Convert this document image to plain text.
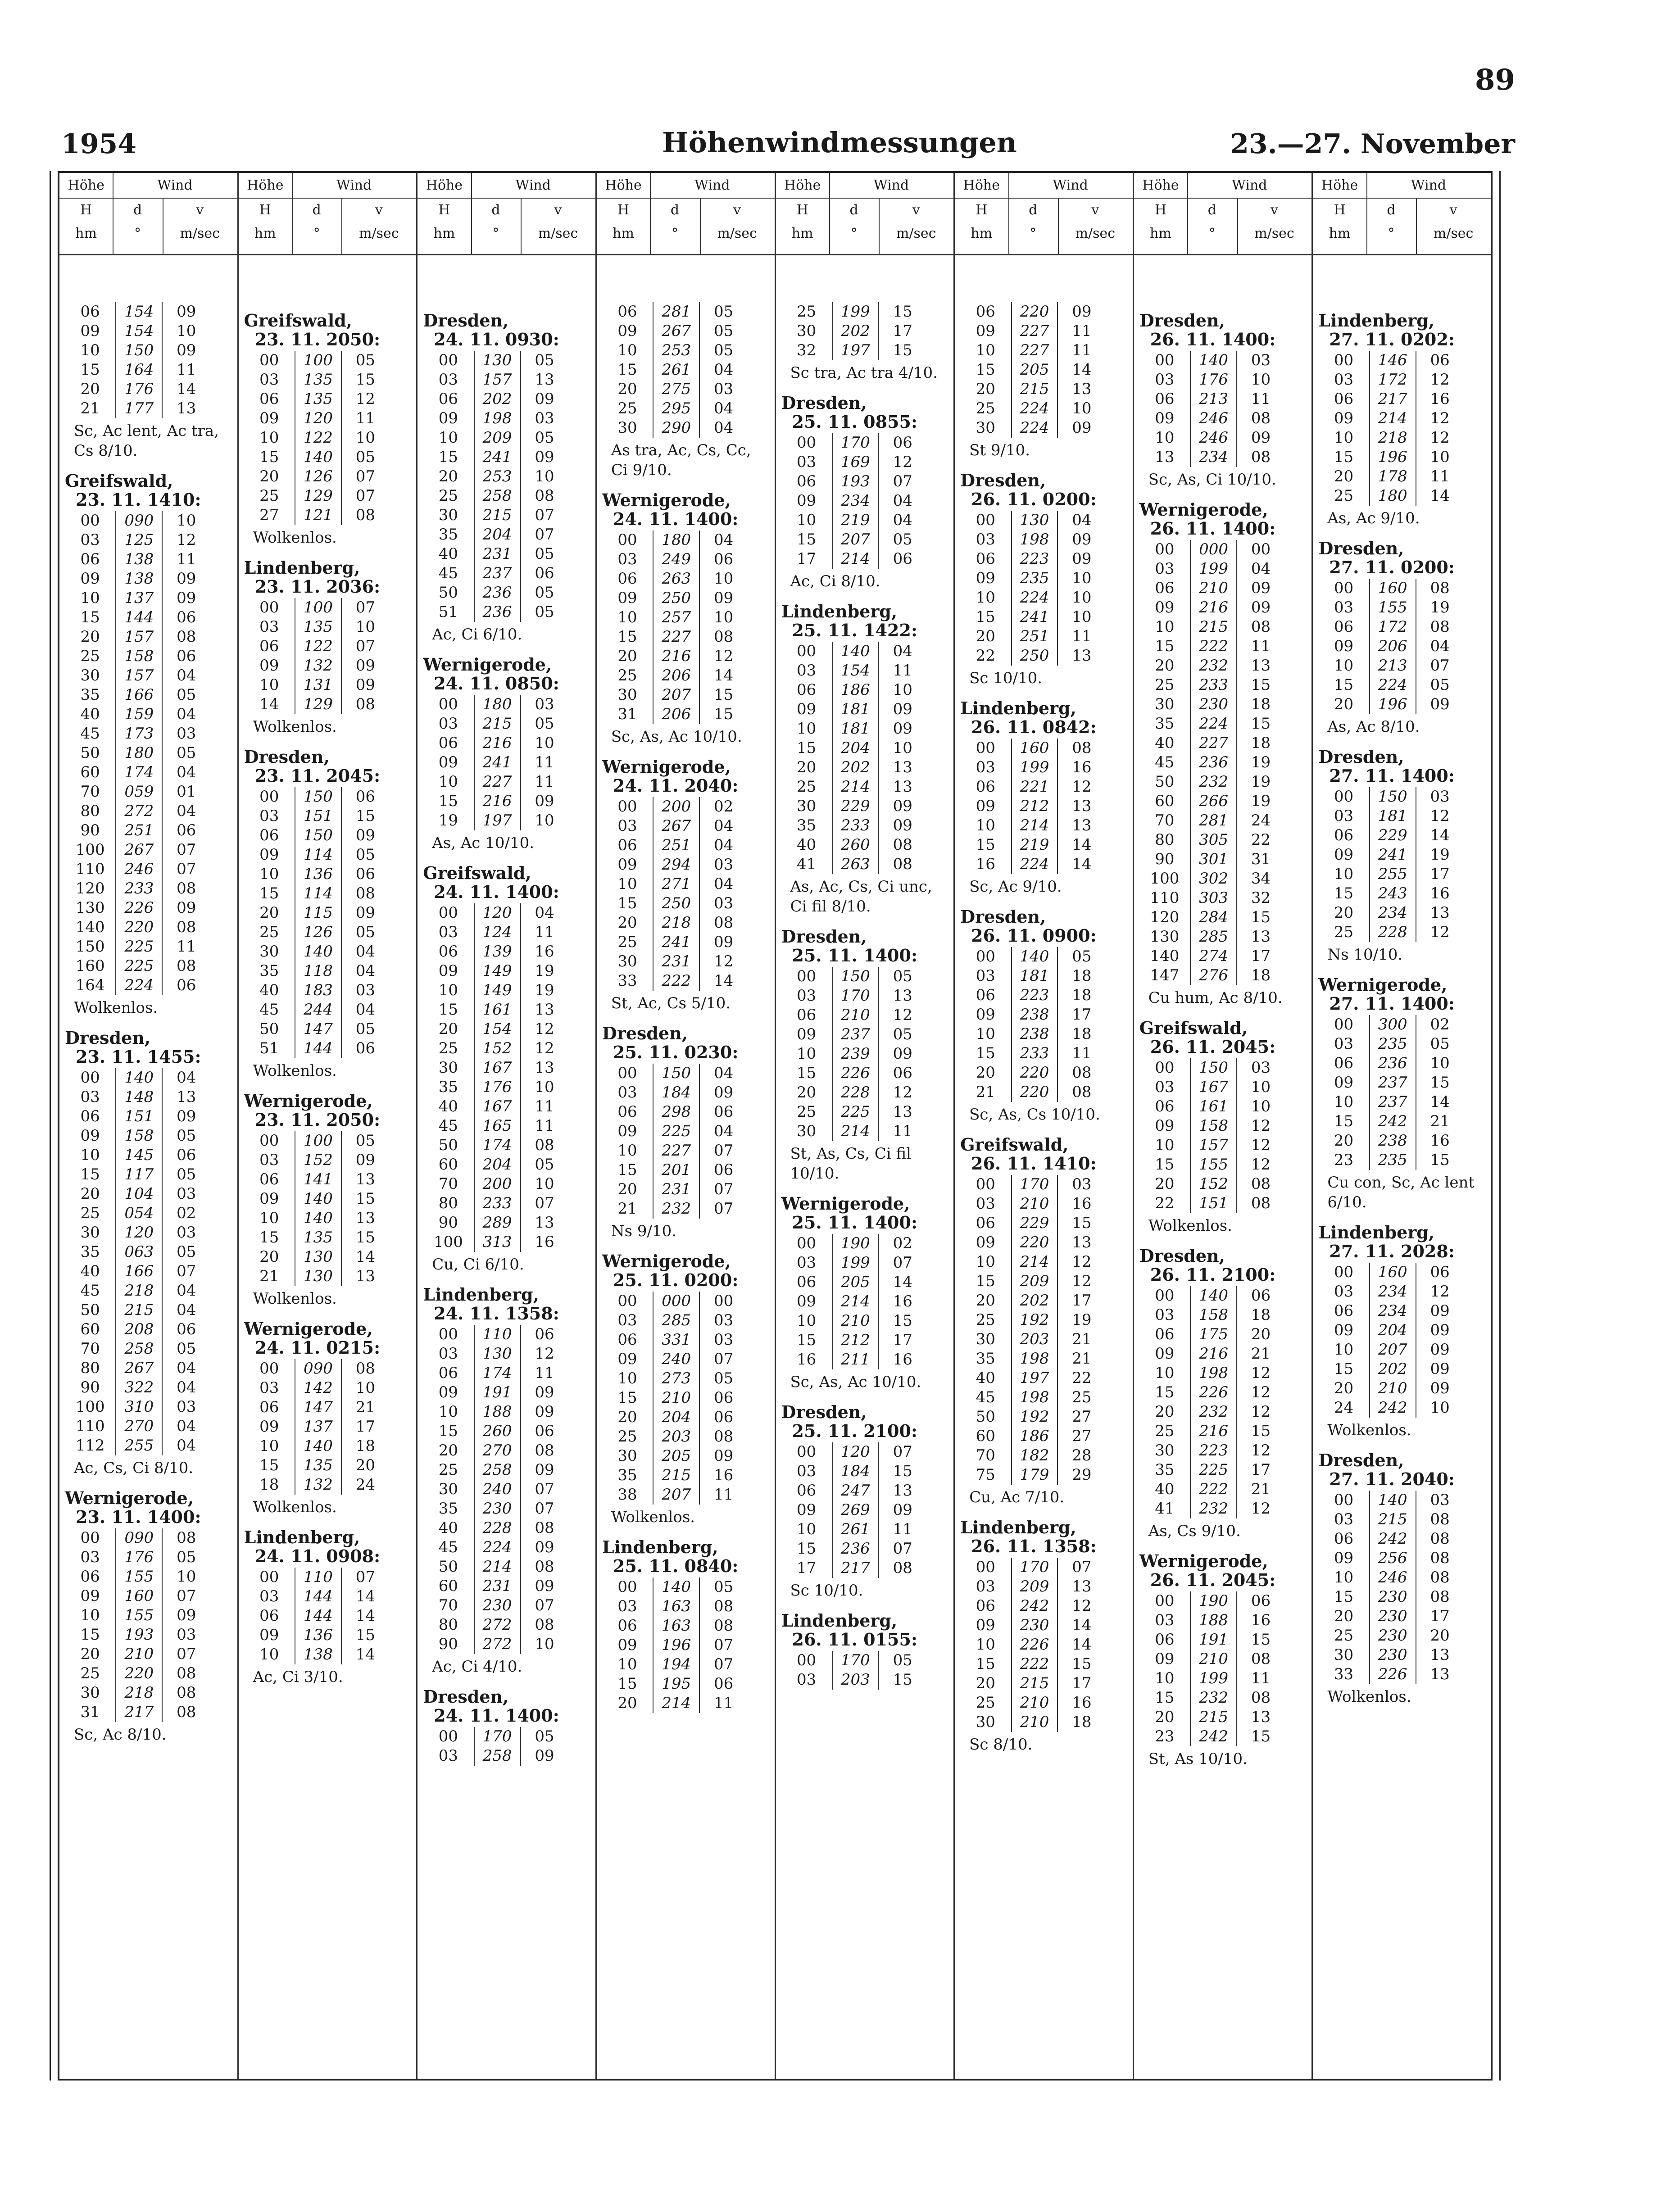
89
1954	Höhenwindmessungen	23.—27. November
Höhe	Wind
H
hm
d
°
v
m/sec
06	154	09
09	154	10
10	150	09
15	164	11
20	176	14
21	177	13
Sc, Ac lent, Ac tra, Cs 8/10.
Greifswald,
23. 11. 1410:
00	090	10
03	125	12
06	138	11
09	138	09
10	137	09
15	144	06
20	157	08
25	158	06
30	157	04
35	166	05
40	159	04
45	173	03
50	180	05
60	174	04
70	059	01
80	272	04
90	251	06
100	267	07
110	246	07
120	233	08
130	226	09
140	220	08
150	225	11
160	225	08
164	224	06
Wolkenlos.
Dresden,
23. 11. 1455:
00	140	04
03	148	13
06	151	09
09	158	05
10	145	06
15	117	05
20	104	03
25	054	02
30	120	03
35	063	05
40	166	07
45	218	04
50	215	04
60	208	06
70	258	05
80	267	04
90	322	04
100	310	03
110	270	04
112	255	04
Ac, Cs, Ci 8/10.
Wernigerode,
23. 11. 1400:
00	090	08
03	176	05
06	155	10
09	160	07
10	155	09
15	193	03
20	210	07
25	220	08
30	218	08
31	217	08
Sc, Ac 8/10.
Höhe	Wind
H
hm
d
°
v
m/sec
Greifswald,
23. 11. 2050:
00	100	05
03	135	15
06	135	12
09	120	11
10	122	10
15	140	05
20	126	07
25	129	07
27	121	08
Wolkenlos.
Lindenberg,
23. 11. 2036:
00	100	07
03	135	10
06	122	07
09	132	09
10	131	09
14	129	08
Wolkenlos.
Dresden,
23. 11. 2045:
00	150	06
03	151	15
06	150	09
09	114	05
10	136	06
15	114	08
20	115	09
25	126	05
30	140	04
35	118	04
40	183	03
45	244	04
50	147	05
51	144	06
Wolkenlos.
Wernigerode,
23. 11. 2050:
00	100	05
03	152	09
06	141	13
09	140	15
10	140	13
15	135	15
20	130	14
21	130	13
Wolkenlos.
Wernigerode,
24. 11. 0215:
00	090	08
03	142	10
06	147	21
09	137	17
10	140	18
15	135	20
18	132	24
Wolkenlos.
Lindenberg,
24. 11. 0908:
00	110	07
03	144	14
06	144	14
09	136	15
10	138	14
Ac, Ci 3/10.
Höhe	Wind
H
hm
d
°
v
m/sec
Dresden,
24. 11. 0930:
00	130	05
03	157	13
06	202	09
09	198	03
10	209	05
15	241	09
20	253	10
25	258	08
30	215	07
35	204	07
40	231	05
45	237	06
50	236	05
51	236	05
Ac, Ci 6/10.
Wernigerode,
24. 11. 0850:
00	180	03
03	215	05
06	216	10
09	241	11
10	227	11
15	216	09
19	197	10
As, Ac 10/10.
Greifswald,
24. 11. 1400:
00	120	04
03	124	11
06	139	16
09	149	19
10	149	19
15	161	13
20	154	12
25	152	12
30	167	13
35	176	10
40	167	11
45	165	11
50	174	08
60	204	05
70	200	10
80	233	07
90	289	13
100	313	16
Cu, Ci 6/10.
Lindenberg,
24. 11. 1358:
00	110	06
03	130	12
06	174	11
09	191	09
10	188	09
15	260	06
20	270	08
25	258	09
30	240	07
35	230	07
40	228	08
45	224	09
50	214	08
60	231	09
70	230	07
80	272	08
90	272	10
Ac, Ci 4/10.
Dresden,
24. 11. 1400:
00	170	05
03	258	09
Höhe	Wind
H
hm
d
°
v
m/sec
06	281	05
09	267	05
10	253	05
15	261	04
20	275	03
25	295	04
30	290	04
As tra, Ac, Cs, Cc, Ci 9/10.
Wernigerode,
24. 11. 1400:
00	180	04
03	249	06
06	263	10
09	250	09
10	257	10
15	227	08
20	216	12
25	206	14
30	207	15
31	206	15
Sc, As, Ac 10/10.
Wernigerode,
24. 11. 2040:
00	200	02
03	267	04
06	251	04
09	294	03
10	271	04
15	250	03
20	218	08
25	241	09
30	231	12
33	222	14
St, Ac, Cs 5/10.
Dresden,
25. 11. 0230:
00	150	04
03	184	09
06	298	06
09	225	04
10	227	07
15	201	06
20	231	07
21	232	07
Ns 9/10.
Wernigerode,
25. 11. 0200:
00	000	00
03	285	03
06	331	03
09	240	07
10	273	05
15	210	06
20	204	06
25	203	08
30	205	09
35	215	16
38	207	11
Wolkenlos.
Lindenberg,
25. 11. 0840:
00	140	05
03	163	08
06	163	08
09	196	07
10	194	07
15	195	06
20	214	11
Höhe	Wind
H
hm
d
°
v
m/sec
25	199	15
30	202	17
32	197	15
Sc tra, Ac tra 4/10.
Dresden,
25. 11. 0855:
00	170	06
03	169	12
06	193	07
09	234	04
10	219	04
15	207	05
17	214	06
Ac, Ci 8/10.
Lindenberg,
25. 11. 1422:
00	140	04
03	154	11
06	186	10
09	181	09
10	181	09
15	204	10
20	202	13
25	214	13
30	229	09
35	233	09
40	260	08
41	263	08
As, Ac, Cs, Ci unc, Ci fil 8/10.
Dresden,
25. 11. 1400:
00	150	05
03	170	13
06	210	12
09	237	05
10	239	09
15	226	06
20	228	12
25	225	13
30	214	11
St, As, Cs, Ci fil 10/10.
Wernigerode,
25. 11. 1400:
00	190	02
03	199	07
06	205	14
09	214	16
10	210	15
15	212	17
16	211	16
Sc, As, Ac 10/10.
Dresden,
25. 11. 2100:
00	120	07
03	184	15
06	247	13
09	269	09
10	261	11
15	236	07
17	217	08
Sc 10/10.
Lindenberg,
26. 11. 0155:
00	170	05
03	203	15
Höhe	Wind
H
hm
d
°
v
m/sec
06	220	09
09	227	11
10	227	11
15	205	14
20	215	13
25	224	10
30	224	09
St 9/10.
Dresden,
26. 11. 0200:
00	130	04
03	198	09
06	223	09
09	235	10
10	224	10
15	241	10
20	251	11
22	250	13
Sc 10/10.
Lindenberg,
26. 11. 0842:
00	160	08
03	199	16
06	221	12
09	212	13
10	214	13
15	219	14
16	224	14
Sc, Ac 9/10.
Dresden,
26. 11. 0900:
00	140	05
03	181	18
06	223	18
09	238	17
10	238	18
15	233	11
20	220	08
21	220	08
Sc, As, Cs 10/10.
Greifswald,
26. 11. 1410:
00	170	03
03	210	16
06	229	15
09	220	13
10	214	12
15	209	12
20	202	17
25	192	19
30	203	21
35	198	21
40	197	22
45	198	25
50	192	27
60	186	27
70	182	28
75	179	29
Cu, Ac 7/10.
Lindenberg,
26. 11. 1358:
00	170	07
03	209	13
06	242	12
09	230	14
10	226	14
15	222	15
20	215	17
25	210	16
30	210	18
Sc 8/10.
Höhe	Wind
H
hm
d
°
v
m/sec
Dresden,
26. 11. 1400:
00	140	03
03	176	10
06	213	11
09	246	08
10	246	09
13	234	08
Sc, As, Ci 10/10.
Wernigerode,
26. 11. 1400:
00	000	00
03	199	04
06	210	09
09	216	09
10	215	08
15	222	11
20	232	13
25	233	15
30	230	18
35	224	15
40	227	18
45	236	19
50	232	19
60	266	19
70	281	24
80	305	22
90	301	31
100	302	34
110	303	32
120	284	15
130	285	13
140	274	17
147	276	18
Cu hum, Ac 8/10.
Greifswald,
26. 11. 2045:
00	150	03
03	167	10
06	161	10
09	158	12
10	157	12
15	155	12
20	152	08
22	151	08
Wolkenlos.
Dresden,
26. 11. 2100:
00	140	06
03	158	18
06	175	20
09	216	21
10	198	12
15	226	12
20	232	12
25	216	15
30	223	12
35	225	17
40	222	21
41	232	12
As, Cs 9/10.
Wernigerode,
26. 11. 2045:
00	190	06
03	188	16
06	191	15
09	210	08
10	199	11
15	232	08
20	215	13
23	242	15
St, As 10/10.
Höhe	Wind
H
hm
d
°
v
m/sec
Lindenberg,
27. 11. 0202:
00	146	06
03	172	12
06	217	16
09	214	12
10	218	12
15	196	10
20	178	11
25	180	14
As, Ac 9/10.
Dresden,
27. 11. 0200:
00	160	08
03	155	19
06	172	08
09	206	04
10	213	07
15	224	05
20	196	09
As, Ac 8/10.
Dresden,
27. 11. 1400:
00	150	03
03	181	12
06	229	14
09	241	19
10	255	17
15	243	16
20	234	13
25	228	12
Ns 10/10.
Wernigerode,
27. 11. 1400:
00	300	02
03	235	05
06	236	10
09	237	15
10	237	14
15	242	21
20	238	16
23	235	15
Cu con, Sc, Ac lent 6/10.
Lindenberg,
27. 11. 2028:
00	160	06
03	234	12
06	234	09
09	204	09
10	207	09
15	202	09
20	210	09
24	242	10
Wolkenlos.
Dresden,
27. 11. 2040:
00	140	03
03	215	08
06	242	08
09	256	08
10	246	08
15	230	08
20	230	17
25	230	20
30	230	13
33	226	13
Wolkenlos.
